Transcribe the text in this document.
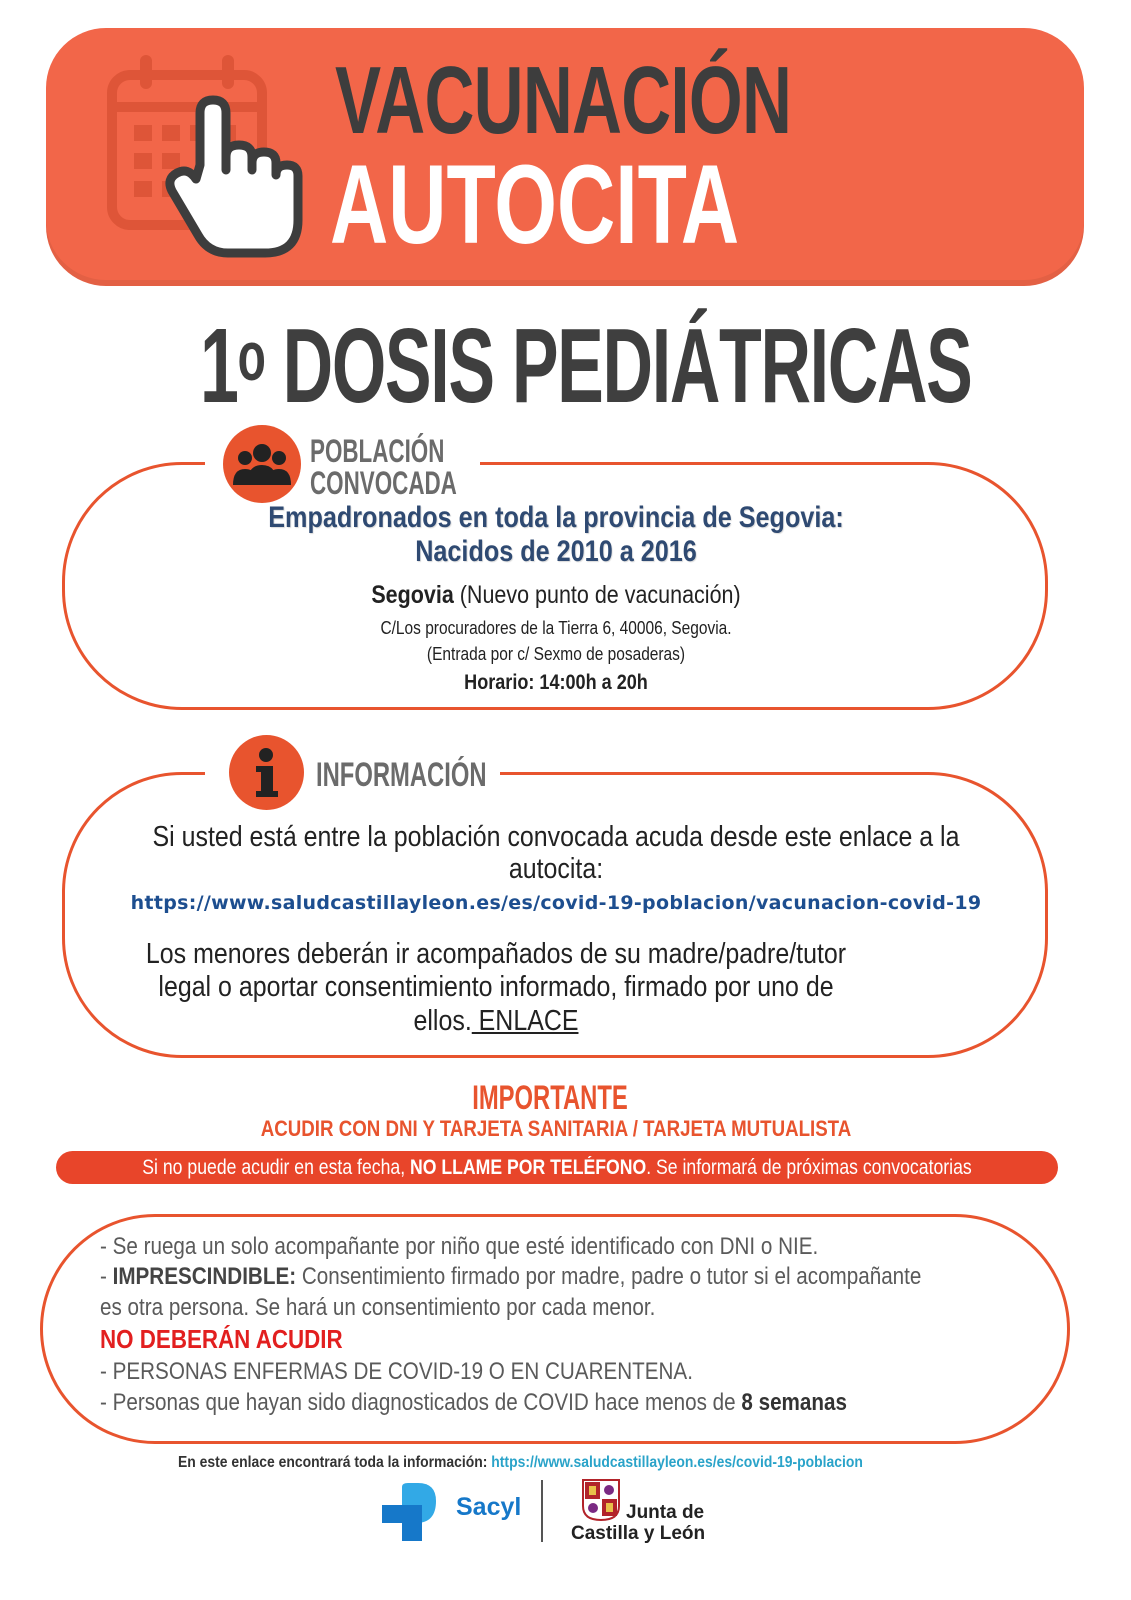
VACUNACIÓN
AUTOCITA
1$^o$ DOSIS PEDIÁTRICAS
POBLACIÓN
CONVOCADA
Empadronados en toda la provincia de Segovia:
Nacidos de 2010 a 2016
Segovia (Nuevo punto de vacunación)
C/Los procuradores de la Tierra 6, 40006, Segovia.
(Entrada por c/ Sexmo de posaderas)
Horario: 14:00h a 20h
INFORMACIÓN
Si usted está entre la población convocada acuda desde este enlace a la
autocita:
https://www.saludcastillayleon.es/es/covid-19-poblacion/vacunacion-covid-19
Los menores deberán ir acompañados de su madre/padre/tutor
legal o aportar consentimiento informado, firmado por uno de
ellos. ENLACE
IMPORTANTE
ACUDIR CON DNI Y TARJETA SANITARIA / TARJETA MUTUALISTA
Si no puede acudir en esta fecha, NO LLAME POR TELÉFONO. Se informará de próximas convocatorias
- Se ruega un solo acompañante por niño que esté identificado con DNI o NIE.
- IMPRESCINDIBLE: Consentimiento firmado por madre, padre o tutor si el acompañante
es otra persona. Se hará un consentimiento por cada menor.
NO DEBERÁN ACUDIR
- PERSONAS ENFERMAS DE COVID-19 O EN CUARENTENA.
- Personas que hayan sido diagnosticados de COVID hace menos de 8 semanas
En este enlace encontrará toda la información: https://www.saludcastillayleon.es/es/covid-19-poblacion
Sacyl	Junta de
Castilla y León
